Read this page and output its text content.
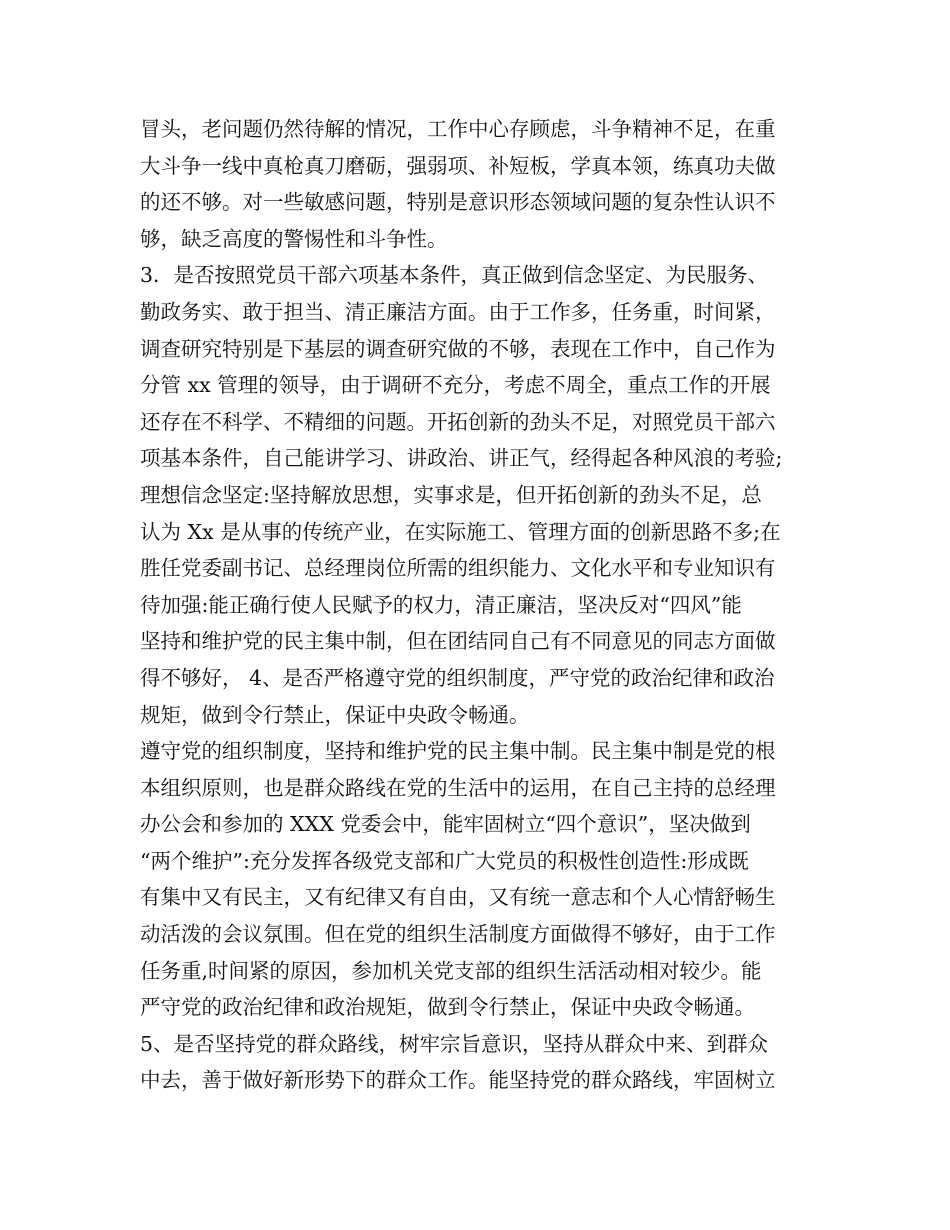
冒头，老问题仍然待解的情况，工作中心存顾虑，斗争精神不足，在重
大斗争一线中真枪真刀磨砺，强弱项、补短板，学真本领，练真功夫做
的还不够。对一些敏感问题，特别是意识形态领域问题的复杂性认识不
够，缺乏高度的警惕性和斗争性。
3．是否按照党员干部六项基本条件，真正做到信念坚定、为民服务、
勤政务实、敢于担当、清正廉洁方面。由于工作多，任务重，时间紧，
调查研究特别是下基层的调查研究做的不够，表现在工作中，自己作为
分管 xx 管理的领导，由于调研不充分，考虑不周全，重点工作的开展
还存在不科学、不精细的问题。开拓创新的劲头不足，对照党员干部六
项基本条件，自己能讲学习、讲政治、讲正气，经得起各种风浪的考验;
理想信念坚定:坚持解放思想，实事求是，但开拓创新的劲头不足，总
认为 Xx 是从事的传统产业，在实际施工、管理方面的创新思路不多;在
胜任党委副书记、总经理岗位所需的组织能力、文化水平和专业知识有
待加强:能正确行使人民赋予的权力，清正廉洁，坚决反对“四风”能
坚持和维护党的民主集中制，但在团结同自己有不同意见的同志方面做
得不够好， 4、是否严格遵守党的组织制度，严守党的政治纪律和政治
规矩，做到令行禁止，保证中央政令畅通。
遵守党的组织制度，坚持和维护党的民主集中制。民主集中制是党的根
本组织原则，也是群众路线在党的生活中的运用，在自己主持的总经理
办公会和参加的 XXX 党委会中，能牢固树立“四个意识”，坚决做到
“两个维护”:充分发挥各级党支部和广大党员的积极性创造性:形成既
有集中又有民主，又有纪律又有自由，又有统一意志和个人心情舒畅生
动活泼的会议氛围。但在党的组织生活制度方面做得不够好，由于工作
任务重,时间紧的原因，参加机关党支部的组织生活活动相对较少。能
严守党的政治纪律和政治规矩，做到令行禁止，保证中央政令畅通。
5、是否坚持党的群众路线，树牢宗旨意识，坚持从群众中来、到群众
中去，善于做好新形势下的群众工作。能坚持党的群众路线，牢固树立
